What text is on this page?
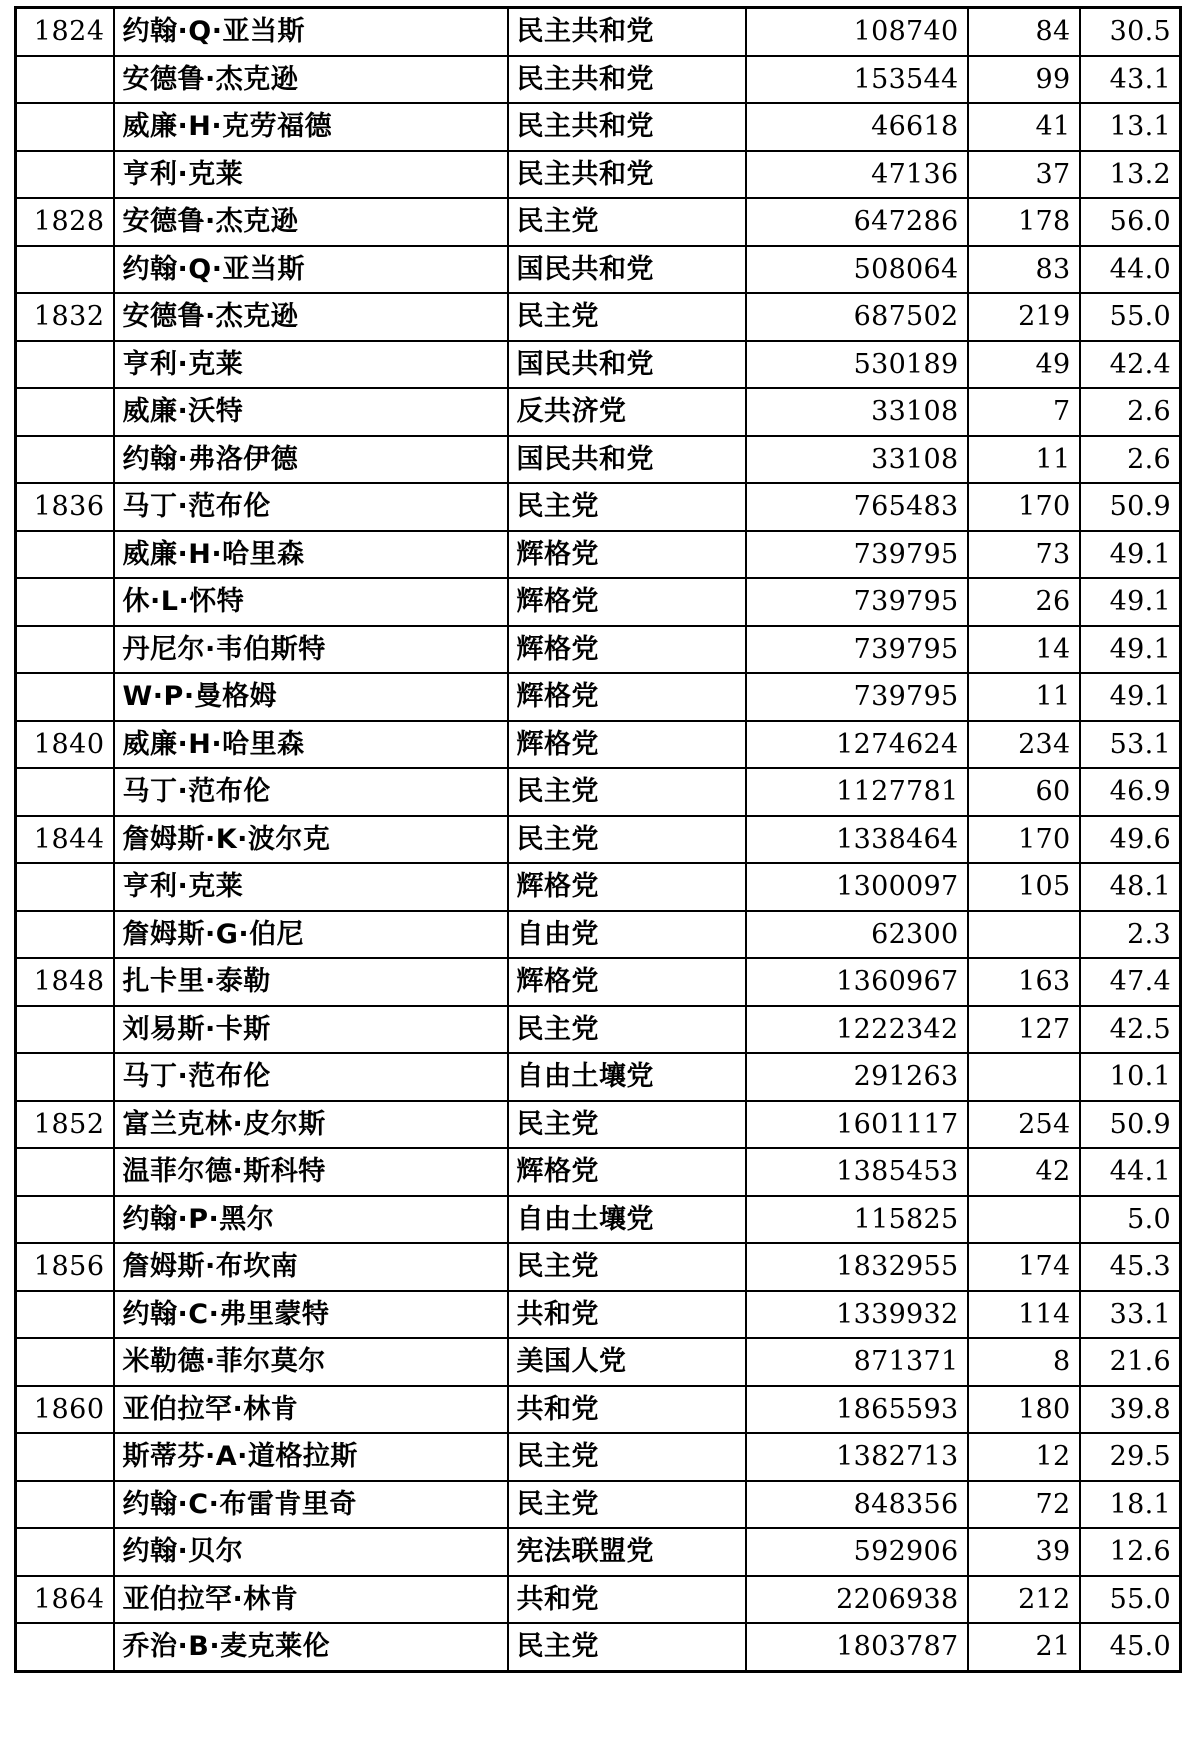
1824	约翰·Q·亚当斯	民主共和党	108740	84	30.5
	安德鲁·杰克逊	民主共和党	153544	99	43.1
	威廉·H·克劳福德	民主共和党	46618	41	13.1
	亨利·克莱	民主共和党	47136	37	13.2
1828	安德鲁·杰克逊	民主党	647286	178	56.0
	约翰·Q·亚当斯	国民共和党	508064	83	44.0
1832	安德鲁·杰克逊	民主党	687502	219	55.0
	亨利·克莱	国民共和党	530189	49	42.4
	威廉·沃特	反共济党	33108	7	2.6
	约翰·弗洛伊德	国民共和党	33108	11	2.6
1836	马丁·范布伦	民主党	765483	170	50.9
	威廉·H·哈里森	辉格党	739795	73	49.1
	休·L·怀特	辉格党	739795	26	49.1
	丹尼尔·韦伯斯特	辉格党	739795	14	49.1
	W·P·曼格姆	辉格党	739795	11	49.1
1840	威廉·H·哈里森	辉格党	1274624	234	53.1
	马丁·范布伦	民主党	1127781	60	46.9
1844	詹姆斯·K·波尔克	民主党	1338464	170	49.6
	亨利·克莱	辉格党	1300097	105	48.1
	詹姆斯·G·伯尼	自由党	62300		2.3
1848	扎卡里·泰勒	辉格党	1360967	163	47.4
	刘易斯·卡斯	民主党	1222342	127	42.5
	马丁·范布伦	自由土壤党	291263		10.1
1852	富兰克林·皮尔斯	民主党	1601117	254	50.9
	温菲尔德·斯科特	辉格党	1385453	42	44.1
	约翰·P·黑尔	自由土壤党	115825		5.0
1856	詹姆斯·布坎南	民主党	1832955	174	45.3
	约翰·C·弗里蒙特	共和党	1339932	114	33.1
	米勒德·菲尔莫尔	美国人党	871371	8	21.6
1860	亚伯拉罕·林肯	共和党	1865593	180	39.8
	斯蒂芬·A·道格拉斯	民主党	1382713	12	29.5
	约翰·C·布雷肯里奇	民主党	848356	72	18.1
	约翰·贝尔	宪法联盟党	592906	39	12.6
1864	亚伯拉罕·林肯	共和党	2206938	212	55.0
	乔治·B·麦克莱伦	民主党	1803787	21	45.0
